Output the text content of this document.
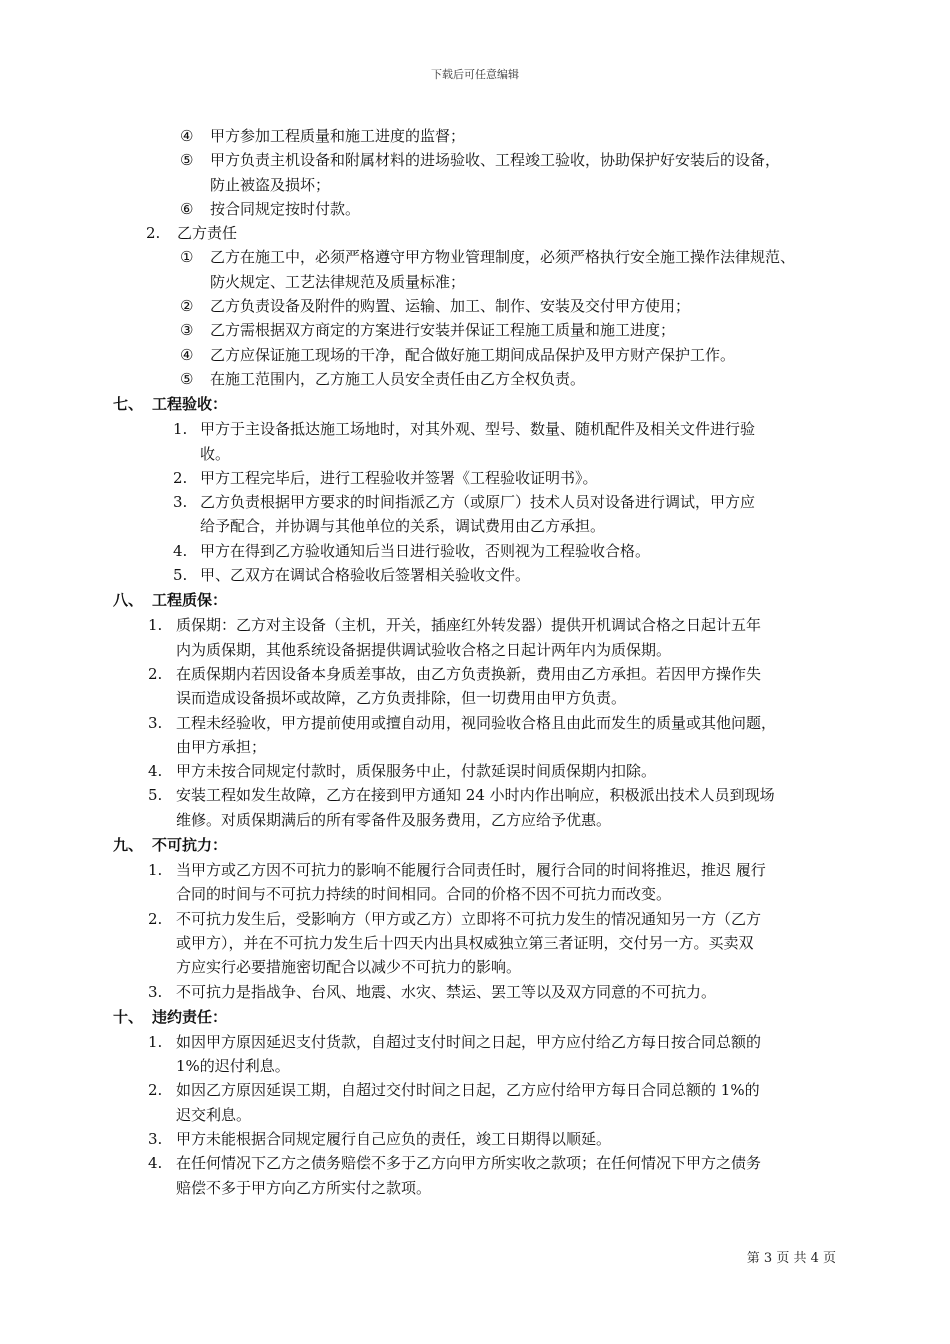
下载后可任意编辑
④ 甲方参加工程质量和施工进度的监督；
⑤ 甲方负责主机设备和附属材料的进场验收、工程竣工验收，协助保护好安装后的设备，
防止被盗及损坏；
⑥ 按合同规定按时付款。
2. 乙方责任
① 乙方在施工中，必须严格遵守甲方物业管理制度，必须严格执行安全施工操作法律规范、
防火规定、工艺法律规范及质量标准；
② 乙方负责设备及附件的购置、运输、加工、制作、安装及交付甲方使用；
③ 乙方需根据双方商定的方案进行安装并保证工程施工质量和施工进度；
④ 乙方应保证施工现场的干净，配合做好施工期间成品保护及甲方财产保护工作。
⑤ 在施工范围内，乙方施工人员安全责任由乙方全权负责。
七、 工程验收：
1. 甲方于主设备抵达施工场地时，对其外观、型号、数量、随机配件及相关文件进行验
收。
2. 甲方工程完毕后，进行工程验收并签署《工程验收证明书》。
3. 乙方负责根据甲方要求的时间指派乙方（或原厂）技术人员对设备进行调试，甲方应
给予配合，并协调与其他单位的关系，调试费用由乙方承担。
4. 甲方在得到乙方验收通知后当日进行验收，否则视为工程验收合格。
5. 甲、乙双方在调试合格验收后签署相关验收文件。
八、 工程质保：
1. 质保期：乙方对主设备（主机，开关，插座红外转发器）提供开机调试合格之日起计五年
内为质保期，其他系统设备据提供调试验收合格之日起计两年内为质保期。
2. 在质保期内若因设备本身质差事故，由乙方负责换新，费用由乙方承担。若因甲方操作失
误而造成设备损坏或故障，乙方负责排除，但一切费用由甲方负责。
3. 工程未经验收，甲方提前使用或擅自动用，视同验收合格且由此而发生的质量或其他问题，
由甲方承担；
4. 甲方未按合同规定付款时，质保服务中止，付款延误时间质保期内扣除。
5. 安装工程如发生故障，乙方在接到甲方通知 24 小时内作出响应，积极派出技术人员到现场
维修。对质保期满后的所有零备件及服务费用，乙方应给予优惠。
九、 不可抗力：
1. 当甲方或乙方因不可抗力的影响不能履行合同责任时，履行合同的时间将推迟，推迟 履行
合同的时间与不可抗力持续的时间相同。合同的价格不因不可抗力而改变。
2. 不可抗力发生后，受影响方（甲方或乙方）立即将不可抗力发生的情况通知另一方（乙方
或甲方），并在不可抗力发生后十四天内出具权威独立第三者证明，交付另一方。买卖双
方应实行必要措施密切配合以减少不可抗力的影响。
3. 不可抗力是指战争、台风、地震、水灾、禁运、罢工等以及双方同意的不可抗力。
十、 违约责任：
1. 如因甲方原因延迟支付货款，自超过支付时间之日起，甲方应付给乙方每日按合同总额的
1%的迟付利息。
2. 如因乙方原因延误工期，自超过交付时间之日起，乙方应付给甲方每日合同总额的 1%的
迟交利息。
3. 甲方未能根据合同规定履行自己应负的责任，竣工日期得以顺延。
4. 在任何情况下乙方之债务赔偿不多于乙方向甲方所实收之款项；在任何情况下甲方之债务
赔偿不多于甲方向乙方所实付之款项。
第 3 页 共 4 页
